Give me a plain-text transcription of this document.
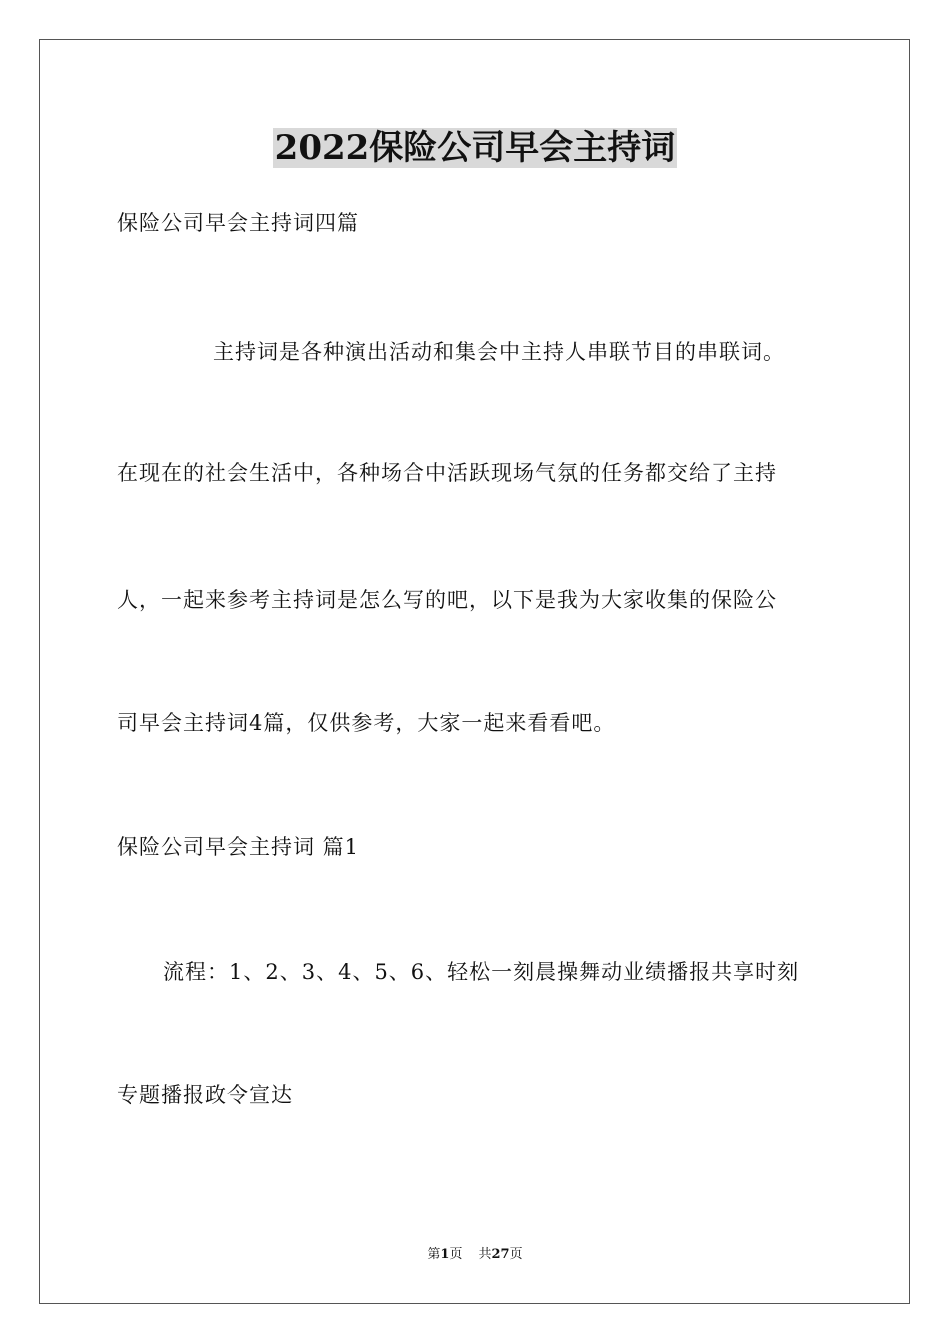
2022保险公司早会主持词
保险公司早会主持词四篇
主持词是各种演出活动和集会中主持人串联节目的串联词。
在现在的社会生活中，各种场合中活跃现场气氛的任务都交给了主持
人，一起来参考主持词是怎么写的吧，以下是我为大家收集的保险公
司早会主持词4篇，仅供参考，大家一起来看看吧。
保险公司早会主持词 篇1
流程：1、2、3、4、5、6、轻松一刻晨操舞动业绩播报共享时刻
专题播报政令宣达
第1页 共27页
